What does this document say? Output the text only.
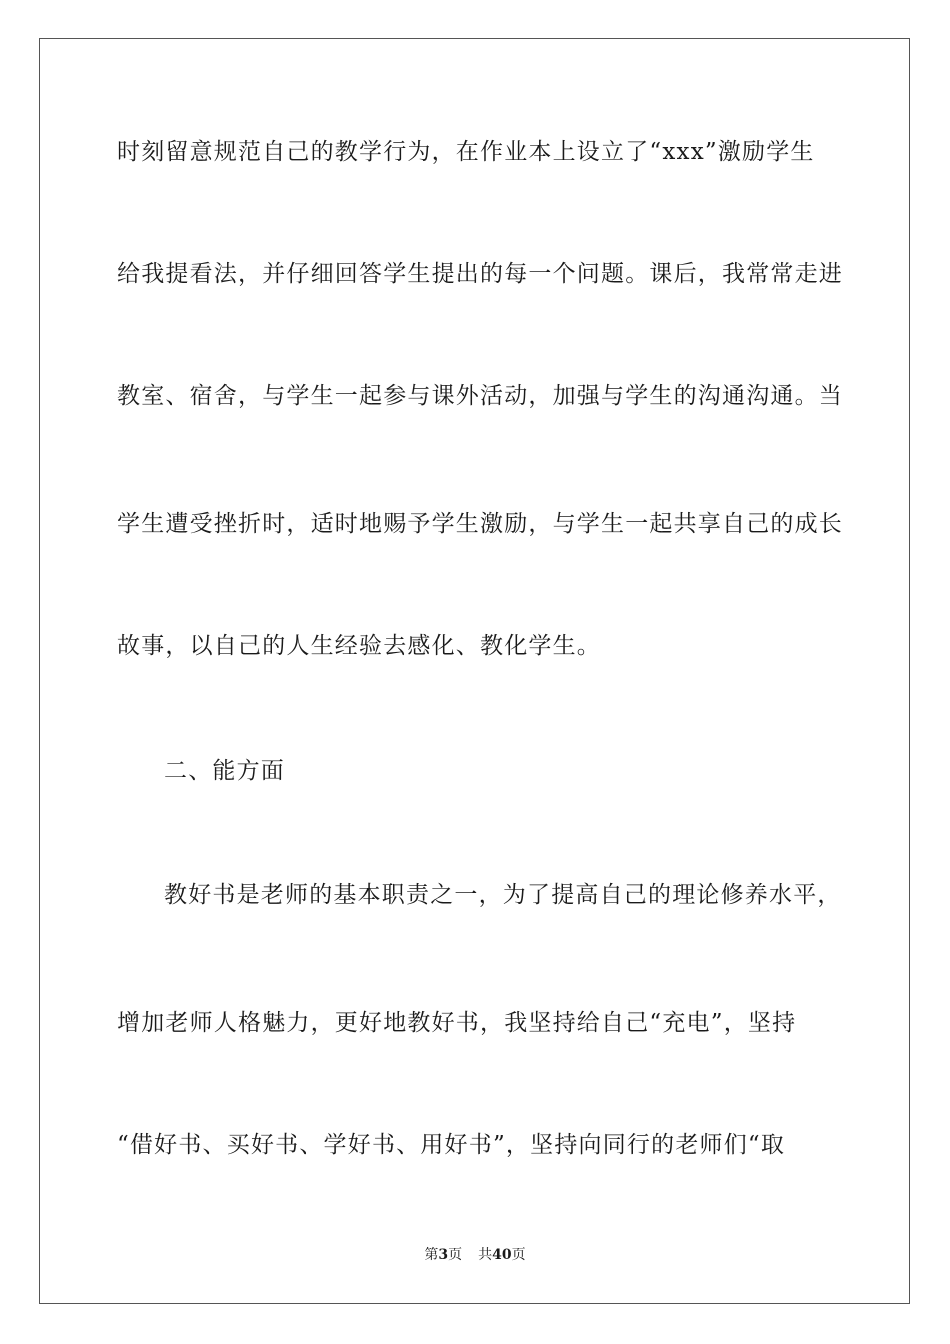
时刻留意规范自己的教学行为，在作业本上设立了“xxx”激励学生
给我提看法，并仔细回答学生提出的每一个问题。课后，我常常走进
教室、宿舍，与学生一起参与课外活动，加强与学生的沟通沟通。当
学生遭受挫折时，适时地赐予学生激励，与学生一起共享自己的成长
故事，以自己的人生经验去感化、教化学生。
二、能方面
教好书是老师的基本职责之一，为了提高自己的理论修养水平，
增加老师人格魅力，更好地教好书，我坚持给自己“充电”，坚持
“借好书、买好书、学好书、用好书”，坚持向同行的老师们“取
第3页 共40页
